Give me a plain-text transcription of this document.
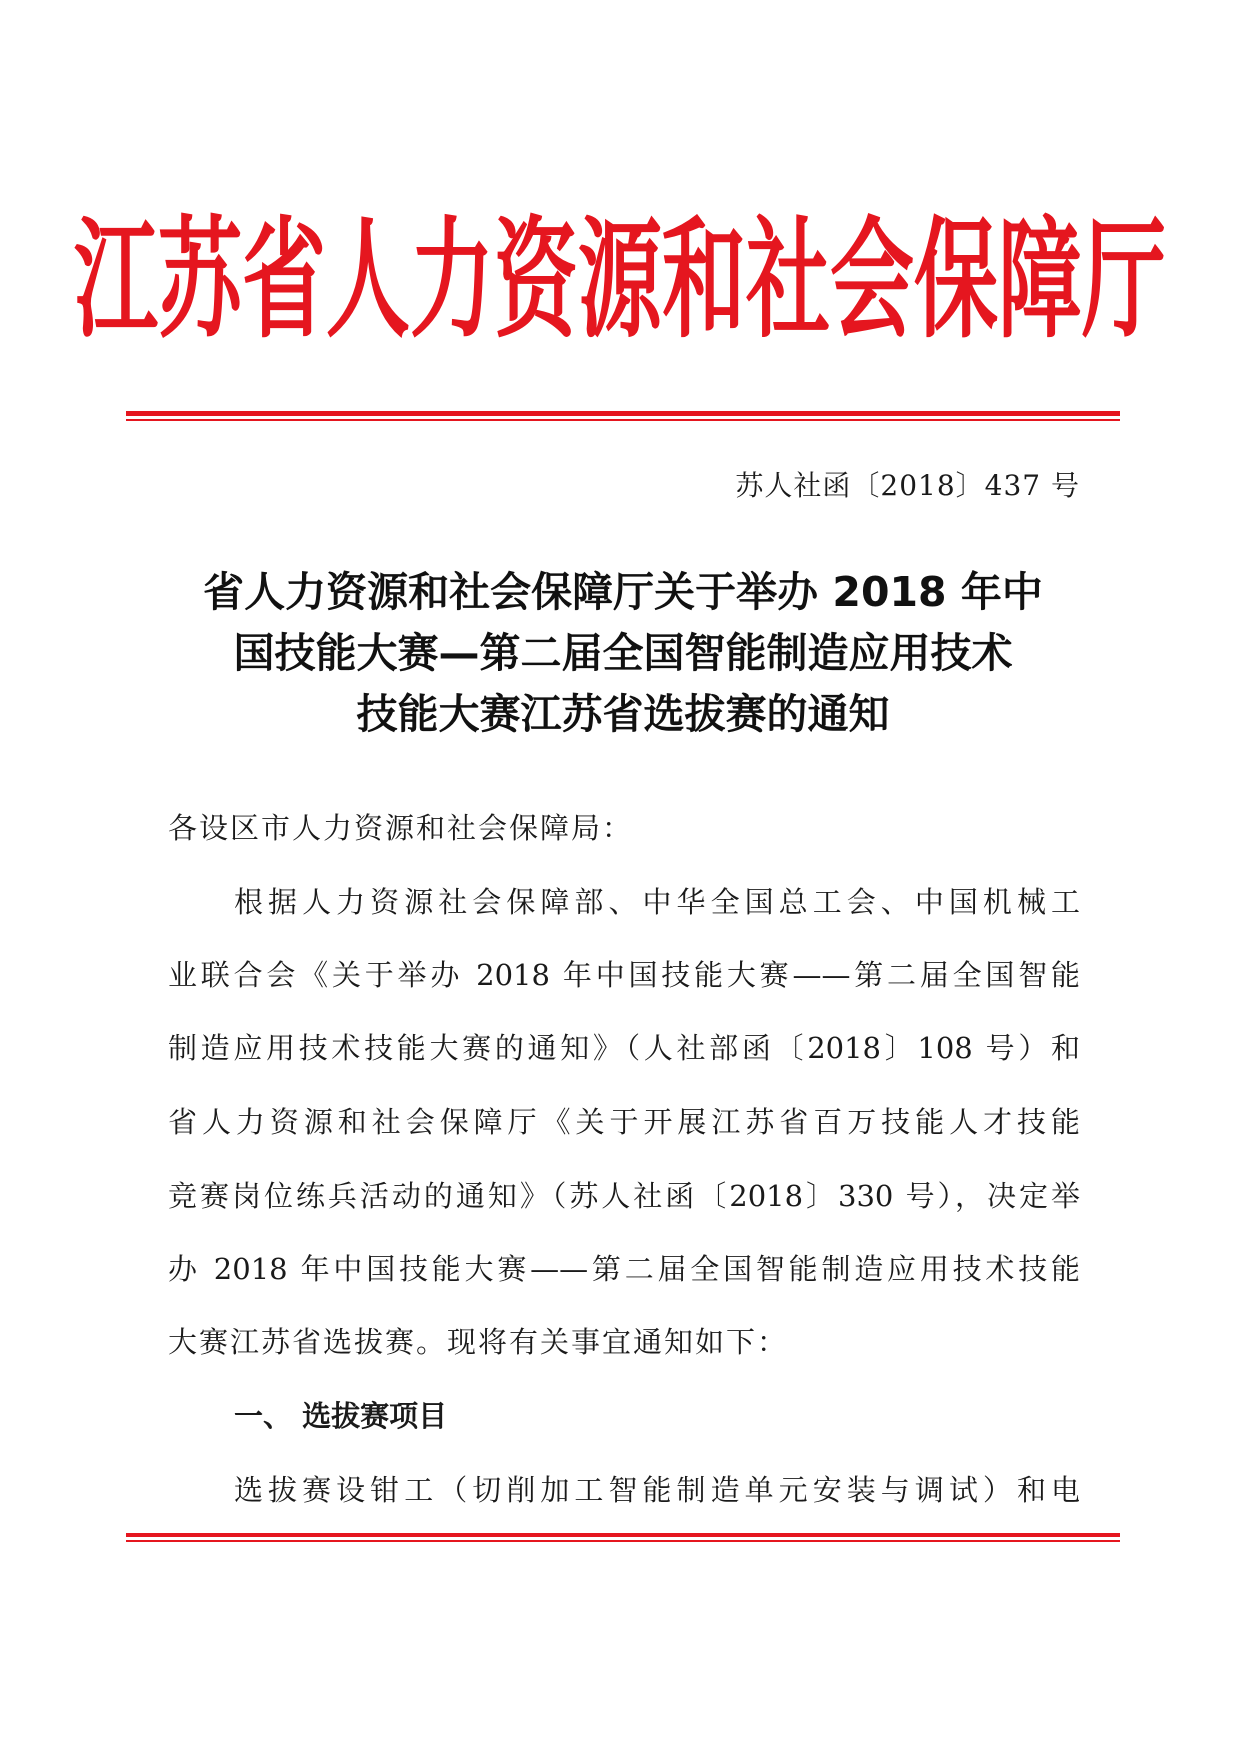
江苏省人力资源和社会保障厅
苏人社函〔2018〕437 号
省人力资源和社会保障厅关于举办 2018 年中
国技能大赛—第二届全国智能制造应用技术
技能大赛江苏省选拔赛的通知
各设区市人力资源和社会保障局：
根据人力资源社会保障部、中华全国总工会、中国机械工
业联合会《关于举办 2018 年中国技能大赛——第二届全国智能
制造应用技术技能大赛的通知》（人社部函〔2018〕108 号）和
省人力资源和社会保障厅《关于开展江苏省百万技能人才技能
竞赛岗位练兵活动的通知》（苏人社函〔2018〕330 号），决定举
办 2018 年中国技能大赛——第二届全国智能制造应用技术技能
大赛江苏省选拔赛。现将有关事宜通知如下：
一、 选拔赛项目
选拔赛设钳工（切削加工智能制造单元安装与调试）和电
